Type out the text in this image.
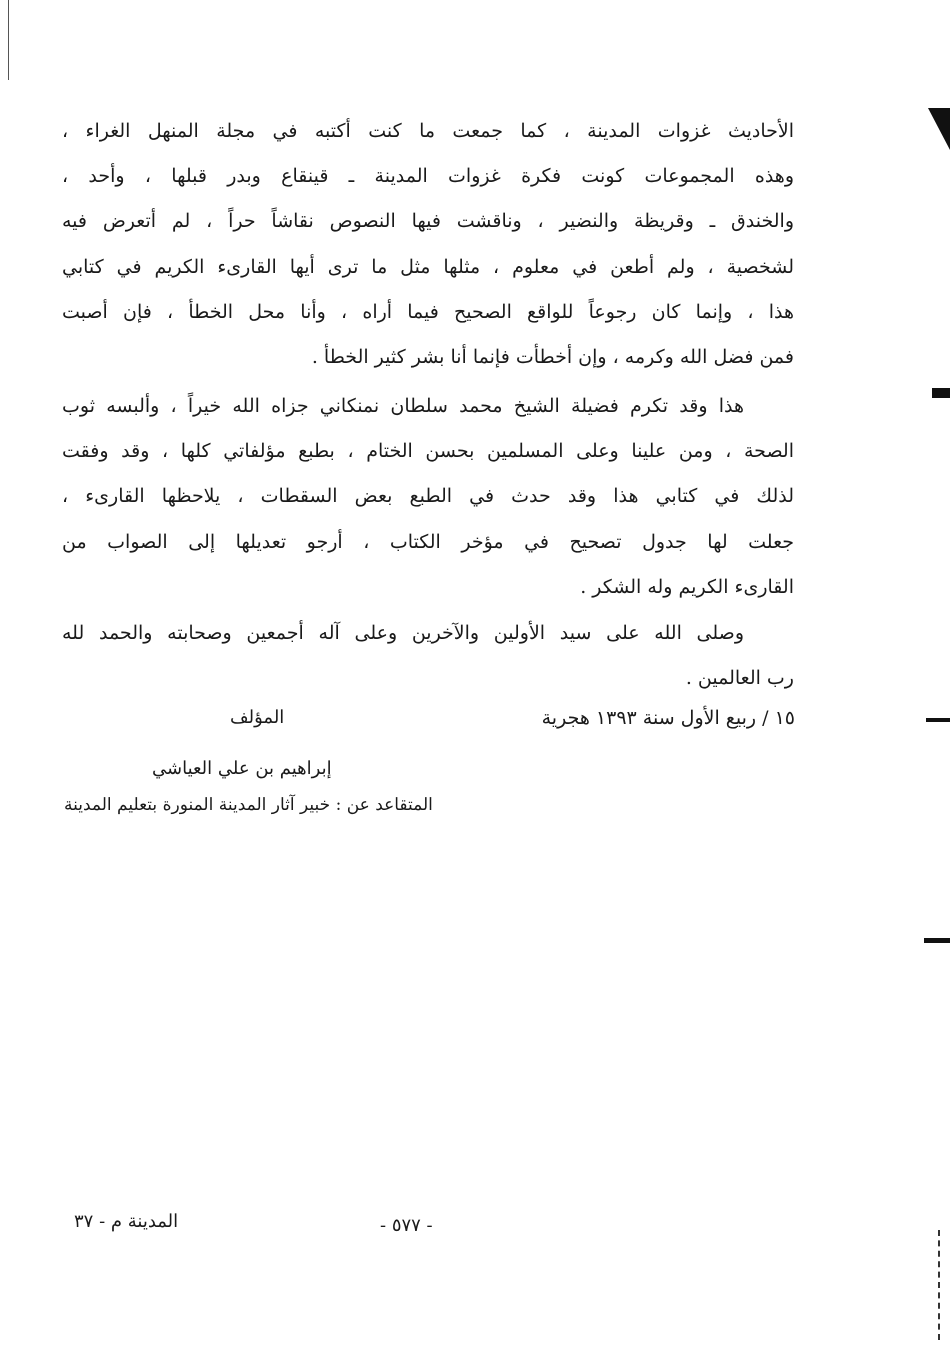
الأحاديث غزوات المدينة ، كما جمعت ما كنت أكتبه في مجلة المنهل الغراء ،
وهذه المجموعات كونت فكرة غزوات المدينة ـ قينقاع وبدر قبلها ، وأحد ،
والخندق ـ وقريظة والنضير ، وناقشت فيها النصوص نقاشاً حراً ، لم أتعرض فيه
لشخصية ، ولم أطعن في معلوم ، مثلها مثل ما ترى أيها القارىء الكريم في كتابي
هذا ، وإنما كان رجوعاً للواقع الصحيح فيما أراه ، وأنا محل الخطأ ، فإن أصبت
فمن فضل الله وكرمه ، وإن أخطأت فإنما أنا بشر كثير الخطأ .
هذا وقد تكرم فضيلة الشيخ محمد سلطان نمنكاني جزاه الله خيراً ، وألبسه ثوب
الصحة ، ومن علينا وعلى المسلمين بحسن الختام ، بطبع مؤلفاتي كلها ، وقد وفقت
لذلك في كتابي هذا وقد حدث في الطبع بعض السقطات ، يلاحظها القارىء ،
جعلت لها جدول تصحيح في مؤخر الكتاب ، أرجو تعديلها إلى الصواب من
القارىء الكريم وله الشكر .
وصلى الله على سيد الأولين والآخرين وعلى آله أجمعين وصحابته والحمد لله
رب العالمين .
١٥ / ربيع الأول سنة ١٣٩٣ هجرية
المؤلف
إبراهيم بن علي العياشي
المتقاعد عن : خبير آثار المدينة المنورة بتعليم المدينة
- ٥٧٧ -
المدينة م - ٣٧
